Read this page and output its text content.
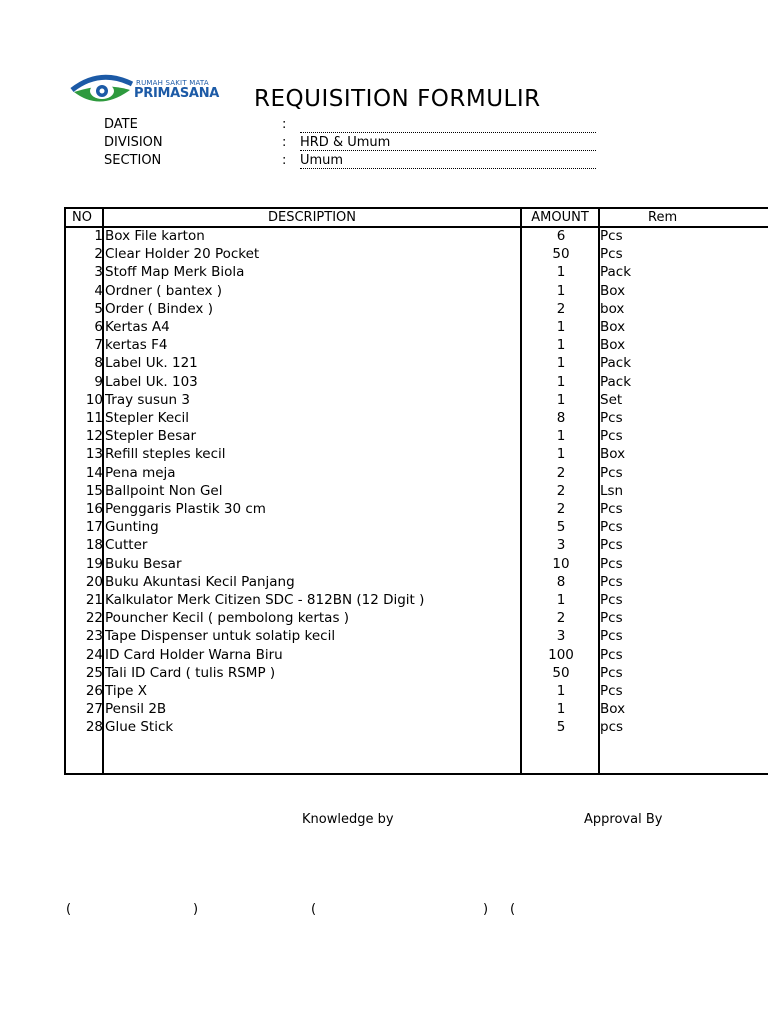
RUMAH SAKIT MATA
PRIMASANA REQUISITION FORMULIR
DATE	:
DIVISION	: HRD & Umum
SECTION	: Umum
NO	DESCRIPTION	AMOUNT	Rem
1 Box File karton	6	Pcs
2 Clear Holder 20 Pocket	50	Pcs
3 Stoff Map Merk Biola	1	Pack
4 Ordner ( bantex )	1	Box
5 Order ( Bindex )	2	box
6 Kertas A4	1	Box
7 kertas F4	1	Box
8 Label Uk. 121	1	Pack
9 Label Uk. 103	1	Pack
10 Tray susun 3	1	Set
11 Stepler Kecil	8	Pcs
12 Stepler Besar	1	Pcs
13 Refill steples kecil	1	Box
14 Pena meja	2	Pcs
15 Ballpoint Non Gel	2	Lsn
16 Penggaris Plastik 30 cm	2	Pcs
17 Gunting	5	Pcs
18 Cutter	3	Pcs
19 Buku Besar	10	Pcs
20 Buku Akuntasi Kecil Panjang	8	Pcs
21 Kalkulator Merk Citizen SDC - 812BN (12 Digit )	1	Pcs
22 Pouncher Kecil ( pembolong kertas )	2	Pcs
23 Tape Dispenser untuk solatip kecil	3	Pcs
24 ID Card Holder Warna Biru	100	Pcs
25 Tali ID Card ( tulis RSMP )	50	Pcs
26 Tipe X	1	Pcs
27 Pensil 2B	1	Box
28 Glue Stick	5	pcs
Knowledge by	Approval By
(	)	(	) (
